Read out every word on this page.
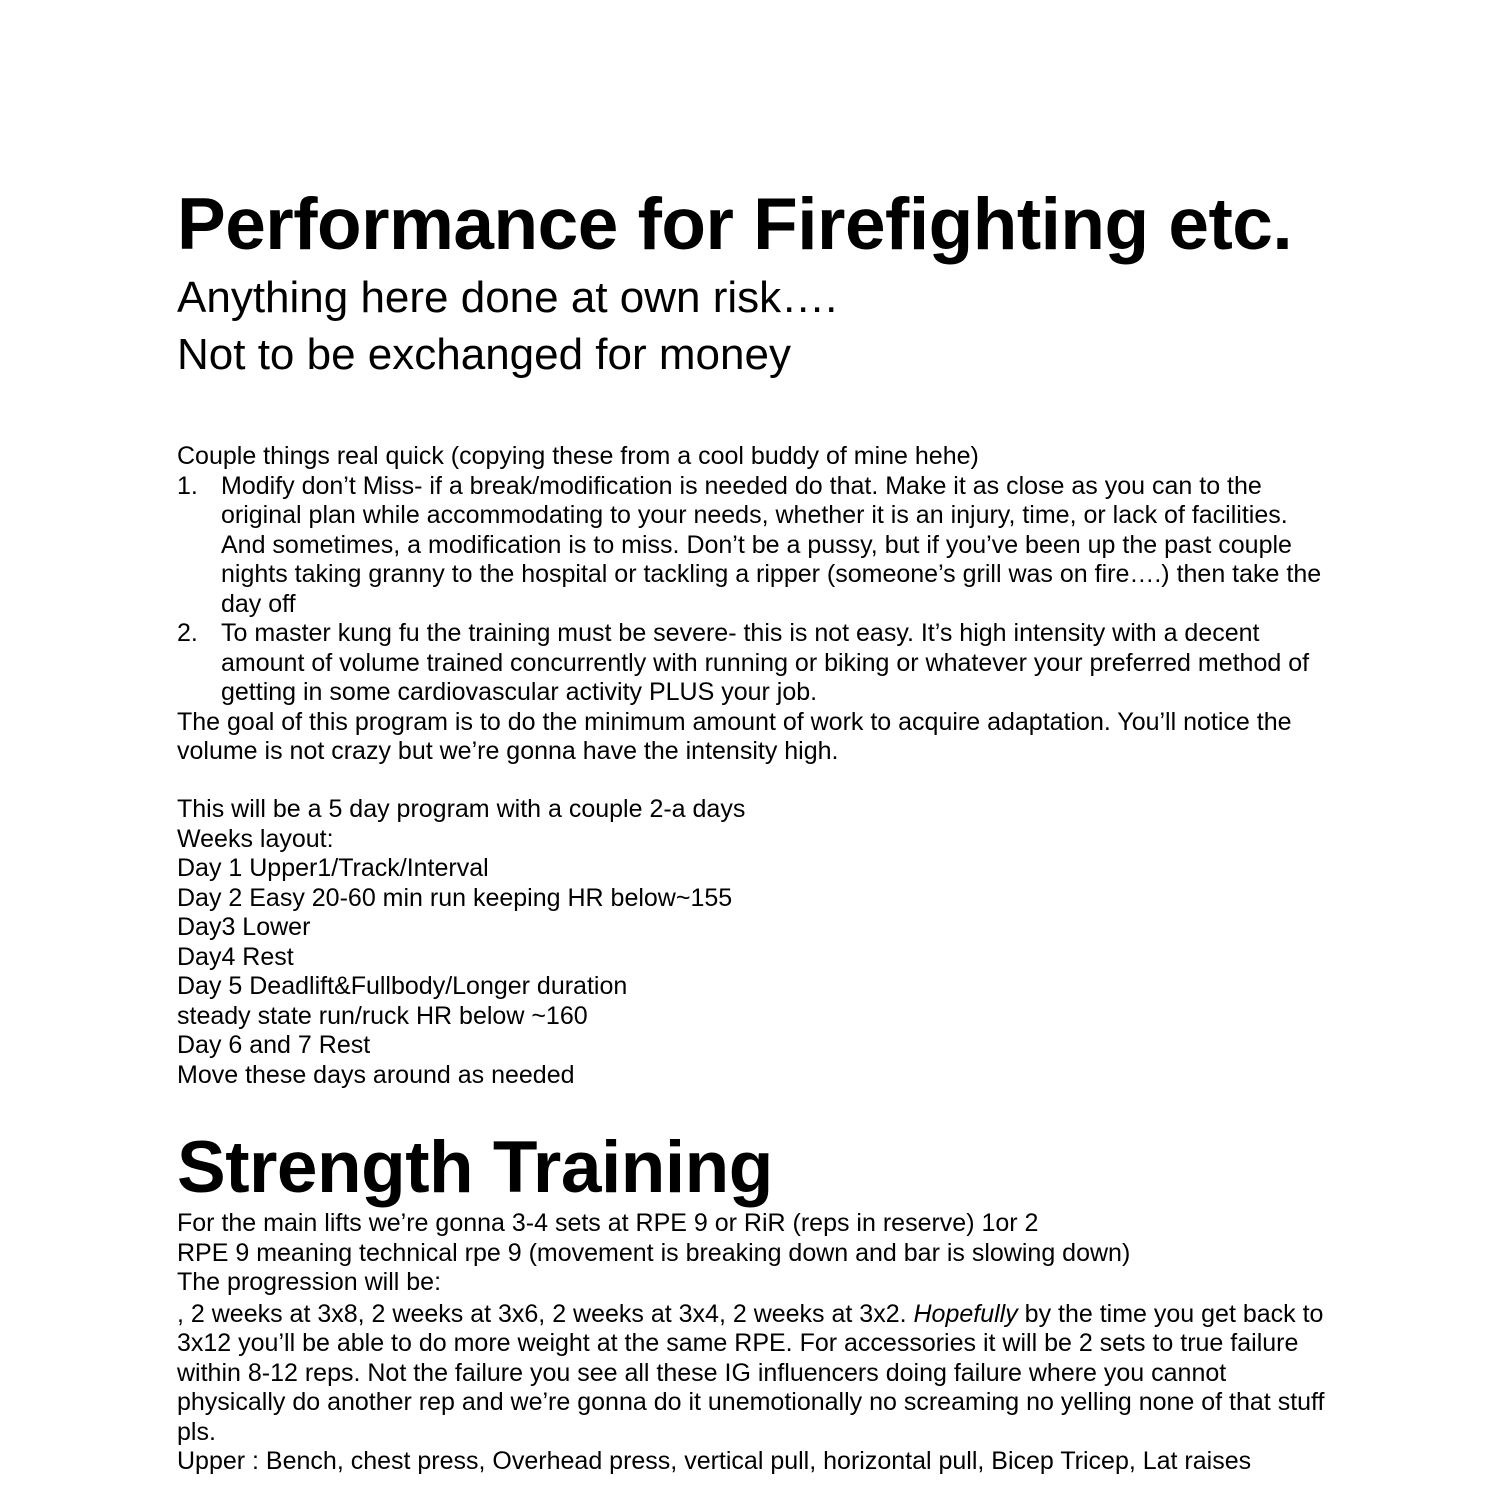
Performance for Firefighting etc.

Anything here done at own risk….

Not to be exchanged for money

Couple things real quick (copying these from a cool buddy of mine hehe)

1. Modify don’t Miss- if a break/modification is needed do that. Make it as close as you can to the original plan while accommodating to your needs, whether it is an injury, time, or lack of facilities. And sometimes, a modification is to miss. Don’t be a pussy, but if you’ve been up the past couple nights taking granny to the hospital or tackling a ripper (someone’s grill was on fire….) then take the day off
2. To master kung fu the training must be severe- this is not easy. It’s high intensity with a decent amount of volume trained concurrently with running or biking or whatever your preferred method of getting in some cardiovascular activity PLUS your job.

The goal of this program is to do the minimum amount of work to acquire adaptation. You’ll notice the volume is not crazy but we’re gonna have the intensity high.

This will be a 5 day program with a couple 2-a days

Weeks layout:

Day 1 Upper1/Track/Interval

Day 2 Easy 20-60 min run keeping HR below~155

Day3 Lower

Day4 Rest

Day 5 Deadlift&Fullbody/Longer duration

steady state run/ruck HR below ~160

Day 6 and 7 Rest

Move these days around as needed

Strength Training

For the main lifts we’re gonna 3-4 sets at RPE 9 or RiR (reps in reserve) 1or 2

RPE 9 meaning technical rpe 9 (movement is breaking down and bar is slowing down)

The progression will be:

, 2 weeks at 3x8, 2 weeks at 3x6, 2 weeks at 3x4, 2 weeks at 3x2. Hopefully by the time you get back to 3x12 you’ll be able to do more weight at the same RPE. For accessories it will be 2 sets to true failure within 8-12 reps. Not the failure you see all these IG influencers doing failure where you cannot physically do another rep and we’re gonna do it unemotionally no screaming no yelling none of that stuff pls.

Upper : Bench, chest press, Overhead press, vertical pull, horizontal pull, Bicep Tricep, Lat raises
